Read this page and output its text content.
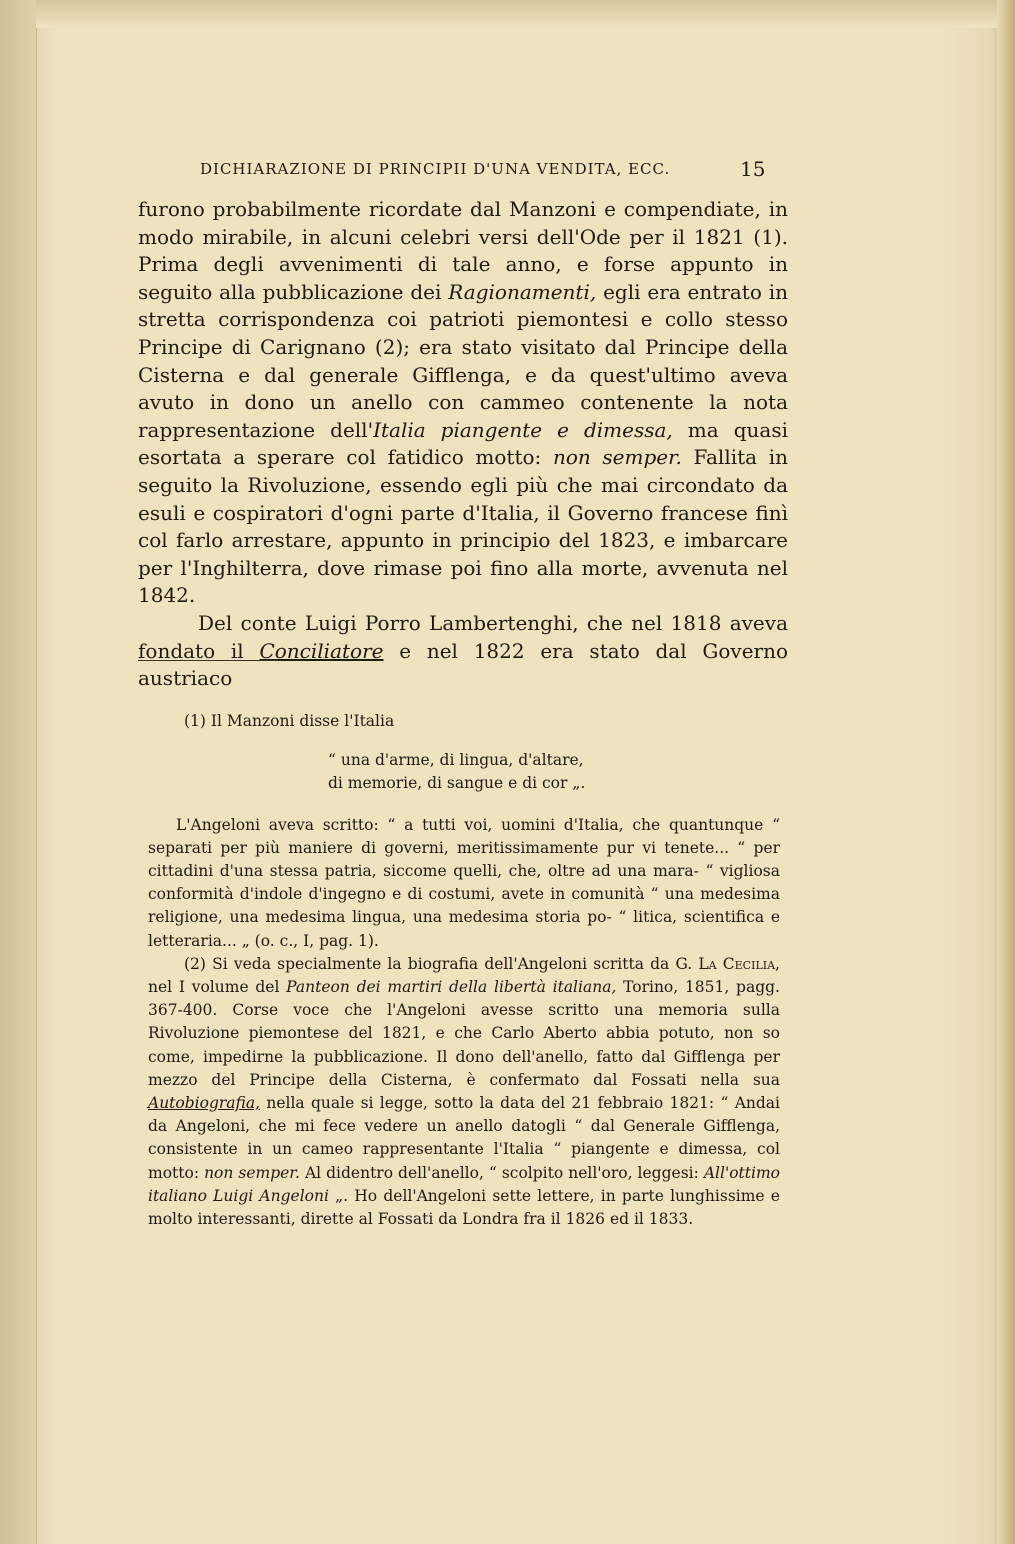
DICHIARAZIONE DI PRINCIPII D'UNA VENDITA, ECC.	15

furono probabilmente ricordate dal Manzoni e compendiate, in modo mirabile, in alcuni celebri versi dell'Ode per il 1821 (1). Prima degli avvenimenti di tale anno, e forse appunto in seguito alla pubblicazione dei Ragionamenti, egli era entrato in stretta corrispondenza coi patrioti piemontesi e collo stesso Principe di Carignano (2); era stato visitato dal Principe della Cisterna e dal generale Gifflenga, e da quest'ultimo aveva avuto in dono un anello con cammeo contenente la nota rappresentazione dell'Italia piangente e dimessa, ma quasi esortata a sperare col fatidico motto: non semper. Fallita in seguito la Rivoluzione, essendo egli più che mai circondato da esuli e cospiratori d'ogni parte d'Italia, il Governo francese finì col farlo arrestare, appunto in principio del 1823, e imbarcare per l'Inghilterra, dove rimase poi fino alla morte, avvenuta nel 1842.

Del conte Luigi Porro Lambertenghi, che nel 1818 aveva fondato il Conciliatore e nel 1822 era stato dal Governo austriaco

(1) Il Manzoni disse l'Italia

“ una d'arme, di lingua, d'altare,
di memorie, di sangue e di cor „.

L'Angeloni aveva scritto: “ a tutti voi, uomini d'Italia, che quantunque “ separati per più maniere di governi, meritissimamente pur vi tenete... “ per cittadini d'una stessa patria, siccome quelli, che, oltre ad una mara- “ vigliosa conformità d'indole d'ingegno e di costumi, avete in comunità “ una medesima religione, una medesima lingua, una medesima storia po- “ litica, scientifica e letteraria... „ (o. c., I, pag. 1).

(2) Si veda specialmente la biografia dell'Angeloni scritta da G. La Cecilia, nel I volume del Panteon dei martiri della libertà italiana, Torino, 1851, pagg. 367-400. Corse voce che l'Angeloni avesse scritto una memoria sulla Rivoluzione piemontese del 1821, e che Carlo Aberto abbia potuto, non so come, impedirne la pubblicazione. Il dono dell'anello, fatto dal Gifflenga per mezzo del Principe della Cisterna, è confermato dal Fossati nella sua Autobiografia, nella quale si legge, sotto la data del 21 febbraio 1821: “ Andai da Angeloni, che mi fece vedere un anello datogli “ dal Generale Gifflenga, consistente in un cameo rappresentante l'Italia “ piangente e dimessa, col motto: non semper. Al didentro dell'anello, “ scolpito nell'oro, leggesi: All'ottimo italiano Luigi Angeloni „. Ho dell'Angeloni sette lettere, in parte lunghissime e molto interessanti, dirette al Fossati da Londra fra il 1826 ed il 1833.
